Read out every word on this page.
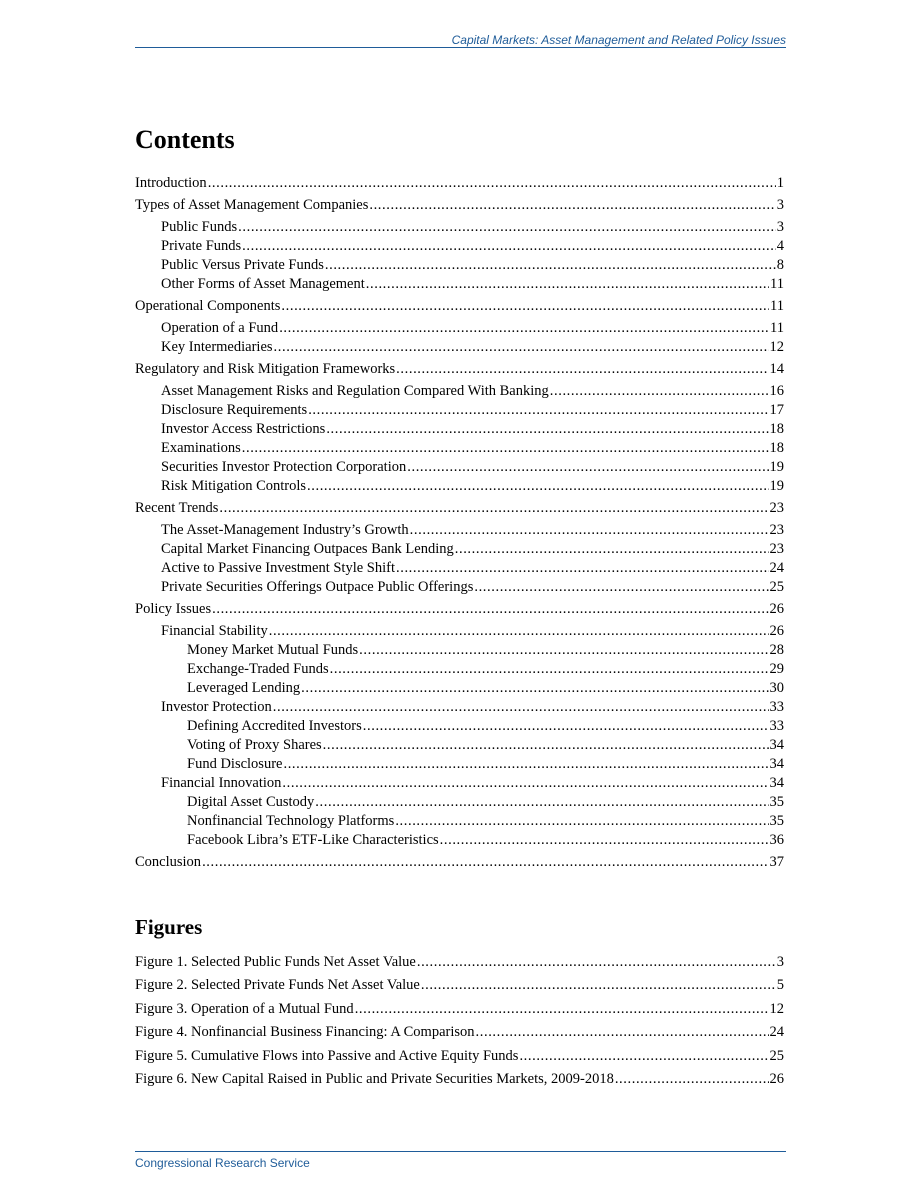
Capital Markets: Asset Management and Related Policy Issues
Contents
Introduction .....	1
Types of Asset Management Companies .....	3
Public Funds .....	3
Private Funds .....	4
Public Versus Private Funds .....	8
Other Forms of Asset Management .....	11
Operational Components .....	11
Operation of a Fund .....	11
Key Intermediaries .....	12
Regulatory and Risk Mitigation Frameworks .....	14
Asset Management Risks and Regulation Compared With Banking .....	16
Disclosure Requirements .....	17
Investor Access Restrictions .....	18
Examinations .....	18
Securities Investor Protection Corporation .....	19
Risk Mitigation Controls .....	19
Recent Trends .....	23
The Asset-Management Industry’s Growth .....	23
Capital Market Financing Outpaces Bank Lending .....	23
Active to Passive Investment Style Shift .....	24
Private Securities Offerings Outpace Public Offerings .....	25
Policy Issues .....	26
Financial Stability .....	26
Money Market Mutual Funds .....	28
Exchange-Traded Funds .....	29
Leveraged Lending .....	30
Investor Protection .....	33
Defining Accredited Investors .....	33
Voting of Proxy Shares .....	34
Fund Disclosure .....	34
Financial Innovation .....	34
Digital Asset Custody .....	35
Nonfinancial Technology Platforms .....	35
Facebook Libra’s ETF-Like Characteristics .....	36
Conclusion .....	37
Figures
Figure 1. Selected Public Funds Net Asset Value .....	3
Figure 2. Selected Private Funds Net Asset Value .....	5
Figure 3. Operation of a Mutual Fund .....	12
Figure 4. Nonfinancial Business Financing: A Comparison .....	24
Figure 5. Cumulative Flows into Passive and Active Equity Funds .....	25
Figure 6. New Capital Raised in Public and Private Securities Markets, 2009-2018 .....	26
Congressional Research Service
